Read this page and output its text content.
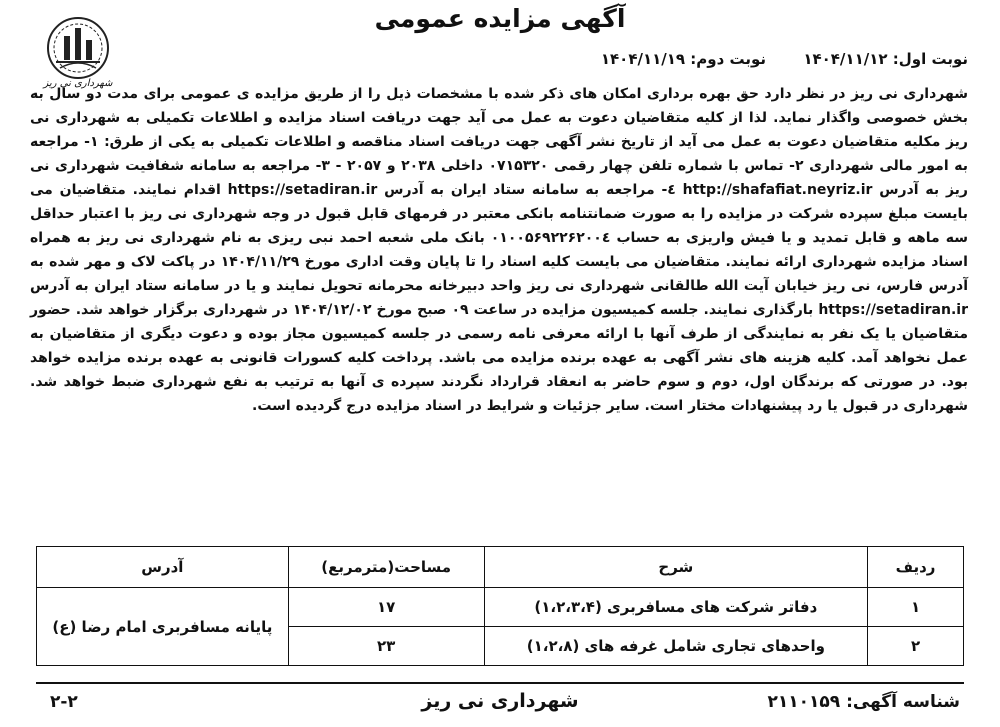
شهرداری نی ریز
آگهی مزایده عمومی
نوبت اول: ۱۴۰۴/۱۱/۱۲ نوبت دوم: ۱۴۰۴/۱۱/۱۹

شهرداری نی ریز در نظر دارد حق بهره برداری امکان های ذکر شده با مشخصات ذیل را از طریق مزایده ی عمومی برای مدت دو سال به بخش خصوصی واگذار نماید. لذا از کلیه متقاضیان دعوت به عمل می آید جهت دریافت اسناد مزایده و اطلاعات تکمیلی به شهرداری نی ریز مکلیه متقاضیان دعوت به عمل می آید از تاریخ نشر آگهی جهت دریافت اسناد مناقصه و اطلاعات تکمیلی به یکی از طرق: ۱- مراجعه به امور مالی شهرداری ۲- تماس با شماره تلفن چهار رقمی ۰۷۱۵۳۲۰ داخلی ۲۰۳۸ و ۲۰۵۷ - ۳- مراجعه به سامانه شفافیت شهرداری نی ریز به آدرس http://shafafiat.neyriz.ir ٤- مراجعه به سامانه ستاد ایران به آدرس https://setadiran.ir اقدام نمایند. متقاضیان می بایست مبلغ سپرده شرکت در مزایده را به صورت ضمانتنامه بانکی معتبر در فرمهای قابل قبول در وجه شهرداری نی ریز با اعتبار حداقل سه ماهه و قابل تمدید و یا فیش واریزی به حساب ۰۱۰۰۵۶۹۲۲۶۲۰۰٤ بانک ملی شعبه احمد نبی ریزی به نام شهرداری نی ریز به همراه اسناد مزایده شهرداری ارائه نمایند. متقاضیان می بایست کلیه اسناد را تا پایان وقت اداری مورخ ۱۴۰۴/۱۱/۲۹ در پاکت لاک و مهر شده به آدرس فارس، نی ریز خیابان آیت الله طالقانی شهرداری نی ریز واحد دبیرخانه محرمانه تحویل نمایند و یا در سامانه ستاد ایران به آدرس https://setadiran.ir بارگذاری نمایند. جلسه کمیسیون مزایده در ساعت ۰۹ صبح مورخ ۱۴۰۴/۱۲/۰۲ در شهرداری برگزار خواهد شد. حضور متقاضیان یا یک نفر به نمایندگی از طرف آنها با ارائه معرفی نامه رسمی در جلسه کمیسیون مجاز بوده و دعوت دیگری از متقاضیان به عمل نخواهد آمد. کلیه هزینه های نشر آگهی به عهده برنده مزایده می باشد. پرداخت کلیه کسورات قانونی به عهده برنده مزایده خواهد بود. در صورتی که برندگان اول، دوم و سوم حاضر به انعقاد قرارداد نگردند سپرده ی آنها به ترتیب به نفع شهرداری ضبط خواهد شد. شهرداری در قبول یا رد پیشنهادات مختار است. سایر جزئیات و شرایط در اسناد مزایده درج گردیده است.

ردیف	شرح	مساحت(مترمربع)	آدرس
۱	دفاتر شرکت های مسافربری (۱،۲،۳،۴)	۱۷	پایانه مسافربری امام رضا (ع)
۲	واحدهای تجاری شامل غرفه های (۱،۲،۸)	۲۳	
شناسه آگهی: ۲۱۱۰۱۵۹
شهرداری نی ریز
۲-۲
